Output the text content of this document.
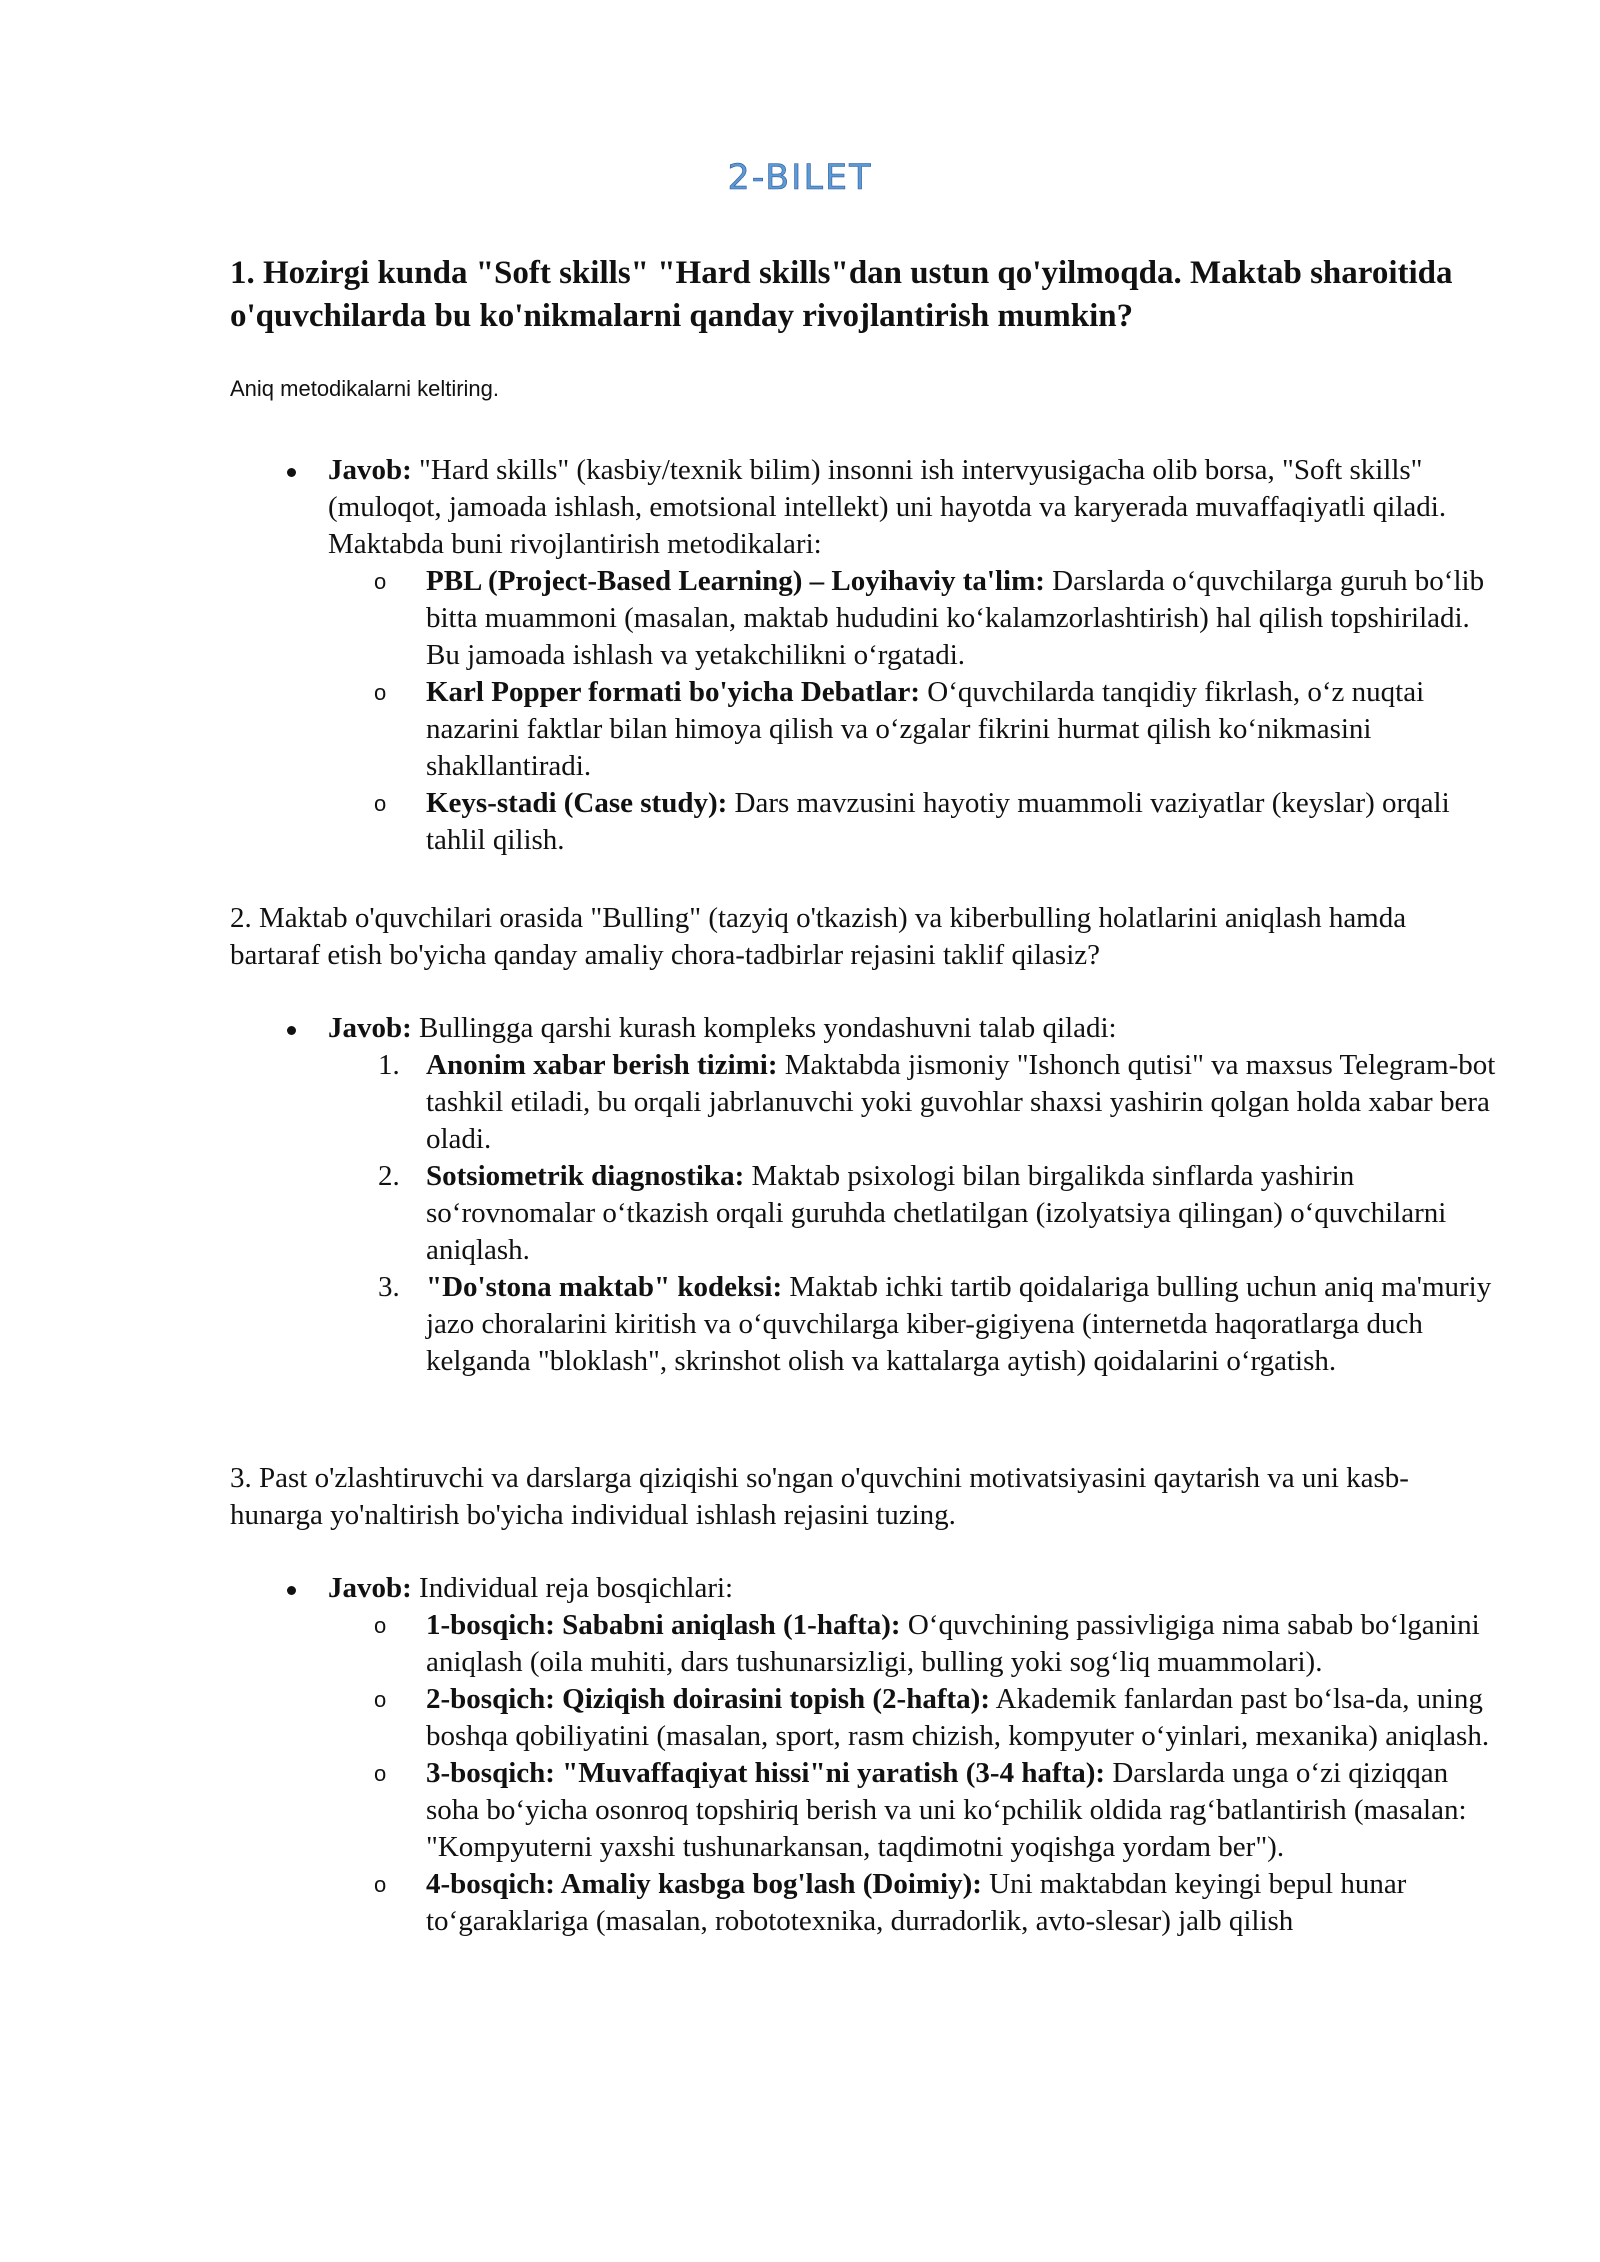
2-BILET
1. Hozirgi kunda "Soft skills" "Hard skills"dan ustun qo'yilmoqda. Maktab sharoitida o'quvchilarda bu ko'nikmalarni qanday rivojlantirish mumkin?
Aniq metodikalarni keltiring.
Javob: "Hard skills" (kasbiy/texnik bilim) insonni ish intervyusigacha olib borsa, "Soft skills" (muloqot, jamoada ishlash, emotsional intellekt) uni hayotda va karyerada muvaffaqiyatli qiladi. Maktabda buni rivojlantirish metodikalari:
o PBL (Project-Based Learning) – Loyihaviy ta'lim: Darslarda o‘quvchilarga guruh bo‘lib bitta muammoni (masalan, maktab hududini ko‘kalamzorlashtirish) hal qilish topshiriladi. Bu jamoada ishlash va yetakchilikni o‘rgatadi.
o Karl Popper formati bo'yicha Debatlar: O‘quvchilarda tanqidiy fikrlash, o‘z nuqtai nazarini faktlar bilan himoya qilish va o‘zgalar fikrini hurmat qilish ko‘nikmasini shakllantiradi.
o Keys-stadi (Case study): Dars mavzusini hayotiy muammoli vaziyatlar (keyslar) orqali tahlil qilish.
2. Maktab o'quvchilari orasida "Bulling" (tazyiq o'tkazish) va kiberbulling holatlarini aniqlash hamda bartaraf etish bo'yicha qanday amaliy chora-tadbirlar rejasini taklif qilasiz?
Javob: Bullingga qarshi kurash kompleks yondashuvni talab qiladi:
1. Anonim xabar berish tizimi: Maktabda jismoniy "Ishonch qutisi" va maxsus Telegram-bot tashkil etiladi, bu orqali jabrlanuvchi yoki guvohlar shaxsi yashirin qolgan holda xabar bera oladi.
2. Sotsiometrik diagnostika: Maktab psixologi bilan birgalikda sinflarda yashirin so‘rovnomalar o‘tkazish orqali guruhda chetlatilgan (izolyatsiya qilingan) o‘quvchilarni aniqlash.
3. "Do'stona maktab" kodeksi: Maktab ichki tartib qoidalariga bulling uchun aniq ma'muriy jazo choralarini kiritish va o‘quvchilarga kiber-gigiyena (internetda haqoratlarga duch kelganda "bloklash", skrinshot olish va kattalarga aytish) qoidalarini o‘rgatish.
3. Past o'zlashtiruvchi va darslarga qiziqishi so'ngan o'quvchini motivatsiyasini qaytarish va uni kasb-hunarga yo'naltirish bo'yicha individual ishlash rejasini tuzing.
Javob: Individual reja bosqichlari:
o 1-bosqich: Sababni aniqlash (1-hafta): O‘quvchining passivligiga nima sabab bo‘lganini aniqlash (oila muhiti, dars tushunarsizligi, bulling yoki sog‘liq muammolari).
o 2-bosqich: Qiziqish doirasini topish (2-hafta): Akademik fanlardan past bo‘lsa-da, uning boshqa qobiliyatini (masalan, sport, rasm chizish, kompyuter o‘yinlari, mexanika) aniqlash.
o 3-bosqich: "Muvaffaqiyat hissi"ni yaratish (3-4 hafta): Darslarda unga o‘zi qiziqqan soha bo‘yicha osonroq topshiriq berish va uni ko‘pchilik oldida rag‘batlantirish (masalan: "Kompyuterni yaxshi tushunarkansan, taqdimotni yoqishga yordam ber").
o 4-bosqich: Amaliy kasbga bog'lash (Doimiy): Uni maktabdan keyingi bepul hunar to‘garaklariga (masalan, robototexnika, durradorlik, avto-slesar) jalb qilish
